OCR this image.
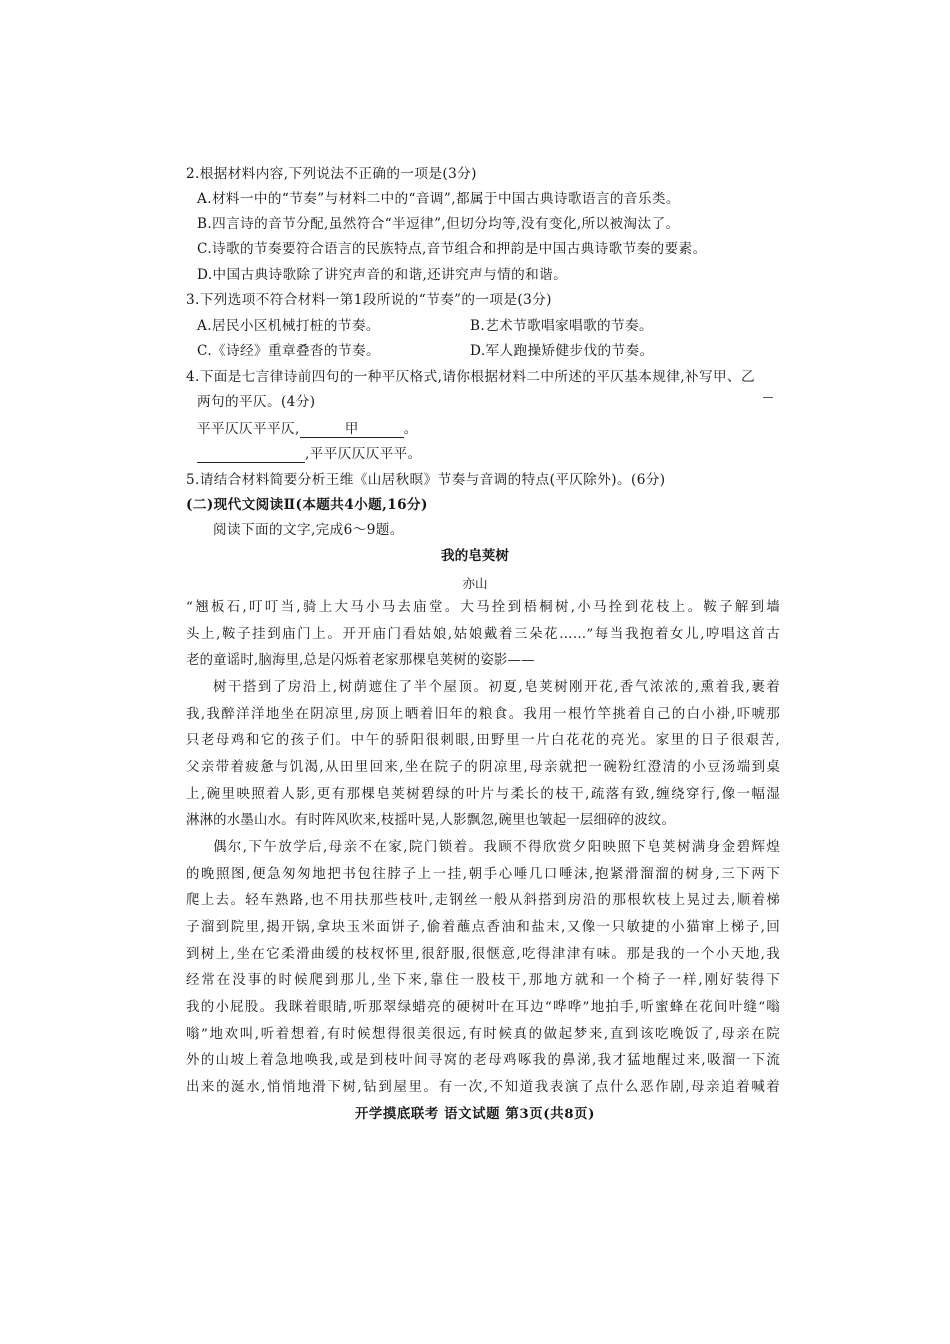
2.根据材料内容,下列说法不正确的一项是(3分)
A.材料一中的“节奏”与材料二中的“音调”,都属于中国古典诗歌语言的音乐类。
B.四言诗的音节分配,虽然符合“半逗律”,但切分均等,没有变化,所以被淘汰了。
C.诗歌的节奏要符合语言的民族特点,音节组合和押韵是中国古典诗歌节奏的要素。
D.中国古典诗歌除了讲究声音的和谐,还讲究声与情的和谐。
3.下列选项不符合材料一第1段所说的“节奏”的一项是(3分)
A.居民小区机械打桩的节奏。	B.艺术节歌唱家唱歌的节奏。
C.《诗经》重章叠沓的节奏。	D.军人跑操矫健步伐的节奏。
4.下面是七言律诗前四句的一种平仄格式,请你根据材料二中所述的平仄基本规律,补写甲、乙
两句的平仄。(4分)
平平仄仄平平仄,	甲	。
,平平仄仄仄平平。
5.请结合材料简要分析王维《山居秋暝》节奏与音调的特点(平仄除外)。(6分)
(二)现代文阅读Ⅱ(本题共4小题,16分)
阅读下面的文字,完成6～9题。
我的皂荚树
亦山
“翘板石,叮叮当,骑上大马小马去庙堂。大马拴到梧桐树,小马拴到花枝上。鞍子解到墙
头上,鞍子挂到庙门上。开开庙门看姑娘,姑娘戴着三朵花……”每当我抱着女儿,哼唱这首古
老的童谣时,脑海里,总是闪烁着老家那棵皂荚树的姿影——
树干搭到了房沿上,树荫遮住了半个屋顶。初夏,皂荚树刚开花,香气浓浓的,熏着我,裹着
我,我醉洋洋地坐在阴凉里,房顶上晒着旧年的粮食。我用一根竹竿挑着自己的白小褂,吓唬那
只老母鸡和它的孩子们。中午的骄阳很刺眼,田野里一片白花花的亮光。家里的日子很艰苦,
父亲带着疲惫与饥渴,从田里回来,坐在院子的阴凉里,母亲就把一碗粉红澄清的小豆汤端到桌
上,碗里映照着人影,更有那棵皂荚树碧绿的叶片与柔长的枝干,疏落有致,缠绕穿行,像一幅湿
淋淋的水墨山水。有时阵风吹来,枝摇叶晃,人影飘忽,碗里也皱起一层细碎的波纹。
偶尔,下午放学后,母亲不在家,院门锁着。我顾不得欣赏夕阳映照下皂荚树满身金碧辉煌
的晚照图,便急匆匆地把书包往脖子上一挂,朝手心唾几口唾沫,抱紧滑溜溜的树身,三下两下
爬上去。轻车熟路,也不用扶那些枝叶,走钢丝一般从斜搭到房沿的那根软枝上晃过去,顺着梯
子溜到院里,揭开锅,拿块玉米面饼子,偷着蘸点香油和盐末,又像一只敏捷的小猫窜上梯子,回
到树上,坐在它柔滑曲缓的枝杈怀里,很舒服,很惬意,吃得津津有味。那是我的一个小天地,我
经常在没事的时候爬到那儿,坐下来,靠住一股枝干,那地方就和一个椅子一样,刚好装得下
我的小屁股。我眯着眼睛,听那翠绿蜡亮的硬树叶在耳边“哗哗”地拍手,听蜜蜂在花间叶缝“嗡
嗡”地欢叫,听着想着,有时候想得很美很远,有时候真的做起梦来,直到该吃晚饭了,母亲在院
外的山坡上着急地唤我,或是到枝叶间寻窝的老母鸡啄我的鼻涕,我才猛地醒过来,吸溜一下流
出来的涎水,悄悄地滑下树,钻到屋里。有一次,不知道我表演了点什么恶作剧,母亲追着喊着
开学摸底联考 语文试题 第3页(共8页)
